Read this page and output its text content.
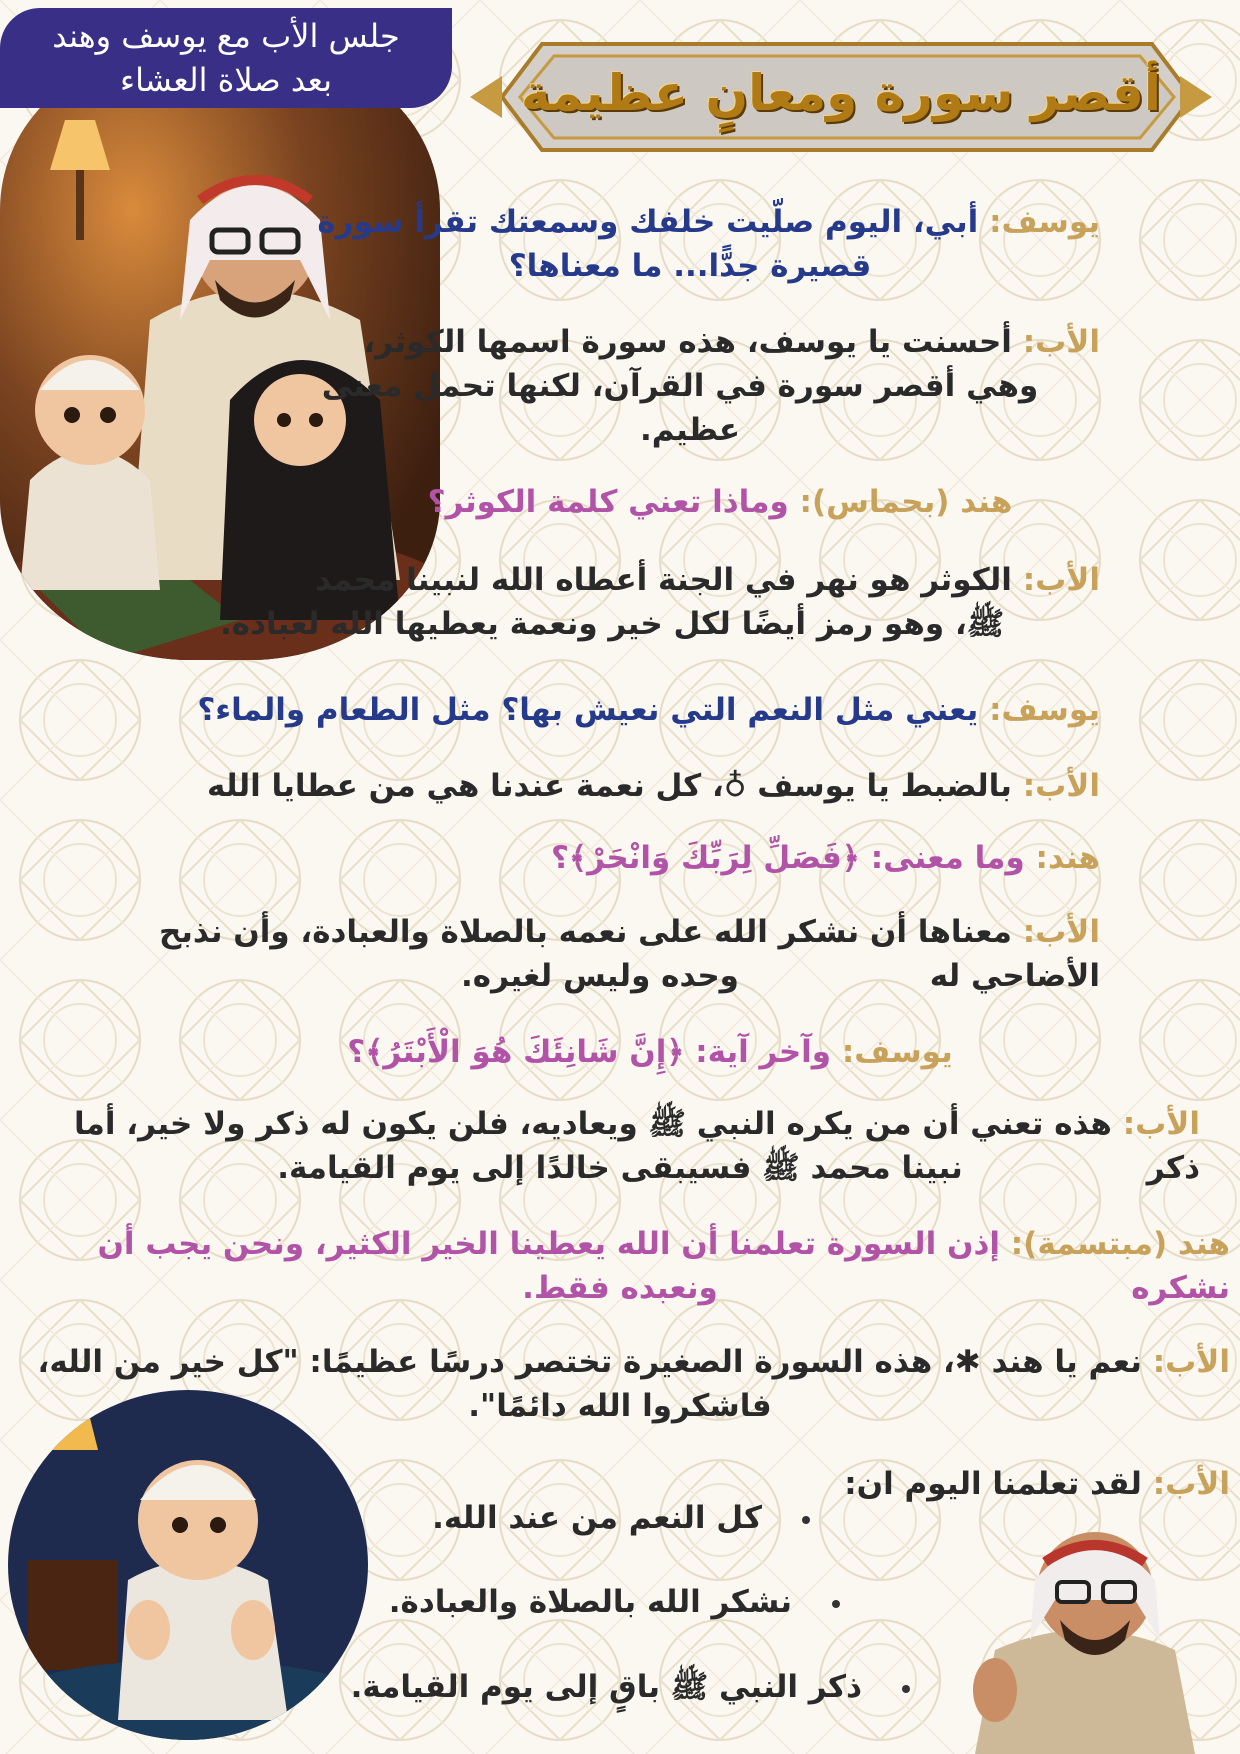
أقصر سورة ومعانٍ عظيمة
جلس الأب مع يوسف وهند
بعد صلاة العشاء
يوسف: أبي، اليوم صلّيت خلفك وسمعتك تقرأ سورة
قصيرة جدًّا... ما معناها؟
الأب: أحسنت يا يوسف، هذه سورة اسمها الكوثر،
وهي أقصر سورة في القرآن، لكنها تحمل معنى
عظيم.
هند (بحماس): وماذا تعني كلمة الكوثر؟
الأب: الكوثر هو نهر في الجنة أعطاه الله لنبينا محمد
ﷺ، وهو رمز أيضًا لكل خير ونعمة يعطيها الله لعباده.
يوسف: يعني مثل النعم التي نعيش بها؟ مثل الطعام والماء؟
الأب: بالضبط يا يوسف ♁، كل نعمة عندنا هي من عطايا الله
هند: وما معنى: ﴿فَصَلِّ لِرَبِّكَ وَانْحَرْ﴾؟
الأب: معناها أن نشكر الله على نعمه بالصلاة والعبادة، وأن نذبح الأضاحي له
وحده وليس لغيره.
يوسف: وآخر آية: ﴿إِنَّ شَانِئَكَ هُوَ الْأَبْتَرُ﴾؟
الأب: هذه تعني أن من يكره النبي ﷺ ويعاديه، فلن يكون له ذكر ولا خير، أما ذكر
نبينا محمد ﷺ فسيبقى خالدًا إلى يوم القيامة.
هند (مبتسمة): إذن السورة تعلمنا أن الله يعطينا الخير الكثير، ونحن يجب أن نشكره
ونعبده فقط.
الأب: نعم يا هند ✱، هذه السورة الصغيرة تختصر درسًا عظيمًا: "كل خير من الله،
فاشكروا الله دائمًا".
الأب: لقد تعلمنا اليوم ان:
كل النعم من عند الله.
نشكر الله بالصلاة والعبادة.
ذكر النبي ﷺ باقٍ إلى يوم القيامة.
